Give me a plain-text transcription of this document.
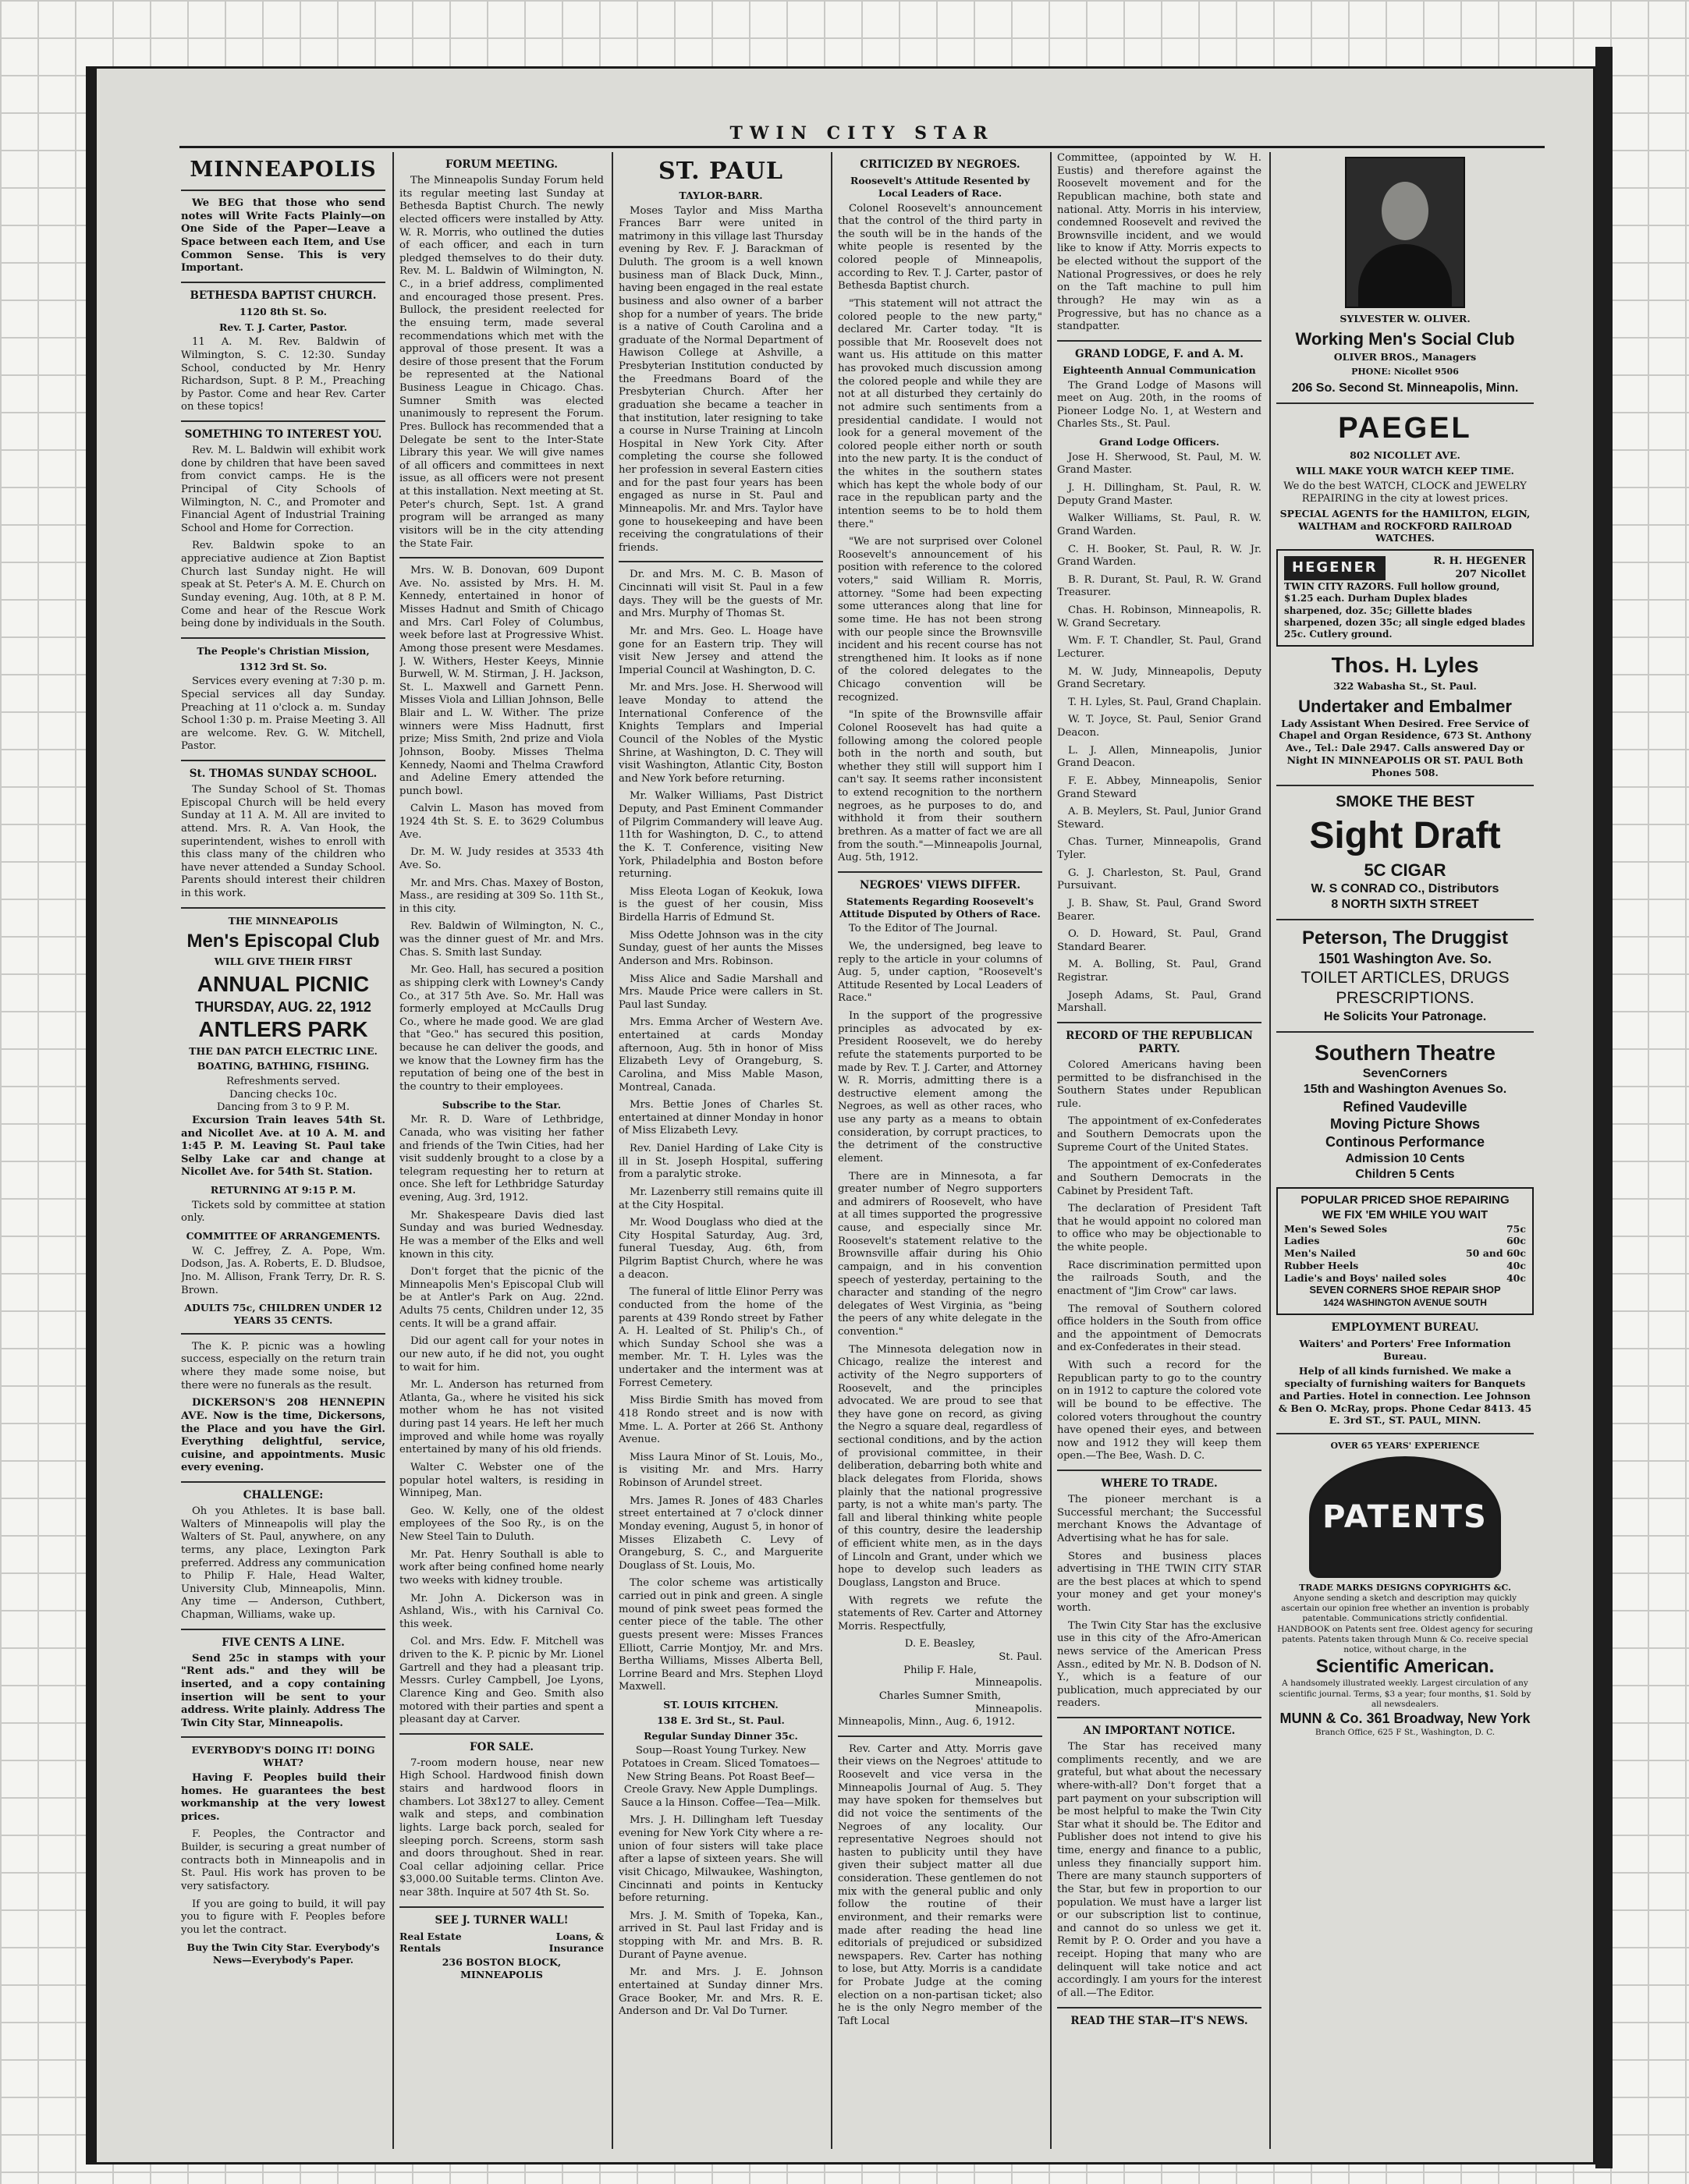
TWIN CITY STAR
MINNEAPOLIS

We BEG that those who send notes will Write Facts Plainly—on One Side of the Paper—Leave a Space between each Item, and Use Common Sense. This is very Important.

BETHESDA BAPTIST CHURCH.
1120 8th St. So.
Rev. T. J. Carter, Pastor.

11 A. M. Rev. Baldwin of Wilmington, S. C. 12:30. Sunday School, conducted by Mr. Henry Richardson, Supt. 8 P. M., Preaching by Pastor. Come and hear Rev. Carter on these topics!

SOMETHING TO INTEREST YOU.

Rev. M. L. Baldwin will exhibit work done by children that have been saved from convict camps. He is the Principal of City Schools of Wilmington, N. C., and Promoter and Financial Agent of Industrial Training School and Home for Correction.

Rev. Baldwin spoke to an appreciative audience at Zion Baptist Church last Sunday night. He will speak at St. Peter's A. M. E. Church on Sunday evening, Aug. 10th, at 8 P. M. Come and hear of the Rescue Work being done by individuals in the South.

The People's Christian Mission,
1312 3rd St. So.

Services every evening at 7:30 p. m. Special services all day Sunday. Preaching at 11 o'clock a. m. Sunday School 1:30 p. m. Praise Meeting 3. All are welcome. Rev. G. W. Mitchell, Pastor.

St. THOMAS SUNDAY SCHOOL.

The Sunday School of St. Thomas Episcopal Church will be held every Sunday at 11 A. M. All are invited to attend. Mrs. R. A. Van Hook, the superintendent, wishes to enroll with this class many of the children who have never attended a Sunday School. Parents should interest their children in this work.

THE MINNEAPOLIS
Men's Episcopal Club
WILL GIVE THEIR FIRST
ANNUAL PICNIC
THURSDAY, AUG. 22, 1912
ANTLERS PARK
THE DAN PATCH ELECTRIC LINE.
BOATING, BATHING, FISHING.
Refreshments served.
Dancing checks 10c.
Dancing from 3 to 9 P. M.

Excursion Train leaves 54th St. and Nicollet Ave. at 10 A. M. and 1:45 P. M. Leaving St. Paul take Selby Lake car and change at Nicollet Ave. for 54th St. Station.

RETURNING AT 9:15 P. M.

Tickets sold by committee at station only.

COMMITTEE OF ARRANGEMENTS.

W. C. Jeffrey, Z. A. Pope, Wm. Dodson, Jas. A. Roberts, E. D. Bludsoe, Jno. M. Allison, Frank Terry, Dr. R. S. Brown.

ADULTS 75c, CHILDREN UNDER 12 YEARS 35 CENTS.

The K. P. picnic was a howling success, especially on the return train where they made some noise, but there were no funerals as the result.

DICKERSON'S 208 HENNEPIN AVE. Now is the time, Dickersons, the Place and you have the Girl. Everything delightful, service, cuisine, and appointments. Music every evening.

CHALLENGE:

Oh you Athletes. It is base ball. Walters of Minneapolis will play the Walters of St. Paul, anywhere, on any terms, any place, Lexington Park preferred. Address any communication to Philip F. Hale, Head Walter, University Club, Minneapolis, Minn. Any time — Anderson, Cuthbert, Chapman, Williams, wake up.

FIVE CENTS A LINE.

Send 25c in stamps with your "Rent ads." and they will be inserted, and a copy containing insertion will be sent to your address. Write plainly. Address The Twin City Star, Minneapolis.

EVERYBODY'S DOING IT! DOING WHAT?

Having F. Peoples build their homes. He guarantees the best workmanship at the very lowest prices.

F. Peoples, the Contractor and Builder, is securing a great number of contracts both in Minneapolis and in St. Paul. His work has proven to be very satisfactory.

If you are going to build, it will pay you to figure with F. Peoples before you let the contract.

Buy the Twin City Star. Everybody's News—Everybody's Paper.
FORUM MEETING.

The Minneapolis Sunday Forum held its regular meeting last Sunday at Bethesda Baptist Church. The newly elected officers were installed by Atty. W. R. Morris, who outlined the duties of each officer, and each in turn pledged themselves to do their duty. Rev. M. L. Baldwin of Wilmington, N. C., in a brief address, complimented and encouraged those present. Pres. Bullock, the president reelected for the ensuing term, made several recommendations which met with the approval of those present. It was a desire of those present that the Forum be represented at the National Business League in Chicago. Chas. Sumner Smith was elected unanimously to represent the Forum. Pres. Bullock has recommended that a Delegate be sent to the Inter-State Library this year. We will give names of all officers and committees in next issue, as all officers were not present at this installation. Next meeting at St. Peter's church, Sept. 1st. A grand program will be arranged as many visitors will be in the city attending the State Fair.

Mrs. W. B. Donovan, 609 Dupont Ave. No. assisted by Mrs. H. M. Kennedy, entertained in honor of Misses Hadnut and Smith of Chicago and Mrs. Carl Foley of Columbus, week before last at Progressive Whist. Among those present were Mesdames. J. W. Withers, Hester Keeys, Minnie Burwell, W. M. Stirman, J. H. Jackson, St. L. Maxwell and Garnett Penn. Misses Viola and Lillian Johnson, Belle Blair and L. W. Wither. The prize winners were Miss Hadnutt, first prize; Miss Smith, 2nd prize and Viola Johnson, Booby. Misses Thelma Kennedy, Naomi and Thelma Crawford and Adeline Emery attended the punch bowl.

Calvin L. Mason has moved from 1924 4th St. S. E. to 3629 Columbus Ave.

Dr. M. W. Judy resides at 3533 4th Ave. So.

Mr. and Mrs. Chas. Maxey of Boston, Mass., are residing at 309 So. 11th St., in this city.

Rev. Baldwin of Wilmington, N. C., was the dinner guest of Mr. and Mrs. Chas. S. Smith last Sunday.

Mr. Geo. Hall, has secured a position as shipping clerk with Lowney's Candy Co., at 317 5th Ave. So. Mr. Hall was formerly employed at McCaulls Drug Co., where he made good. We are glad that "Geo." has secured this position, because he can deliver the goods, and we know that the Lowney firm has the reputation of being one of the best in the country to their employees.

Subscribe to the Star.

Mr. R. D. Ware of Lethbridge, Canada, who was visiting her father and friends of the Twin Cities, had her visit suddenly brought to a close by a telegram requesting her to return at once. She left for Lethbridge Saturday evening, Aug. 3rd, 1912.

Mr. Shakespeare Davis died last Sunday and was buried Wednesday. He was a member of the Elks and well known in this city.

Don't forget that the picnic of the Minneapolis Men's Episcopal Club will be at Antler's Park on Aug. 22nd. Adults 75 cents, Children under 12, 35 cents. It will be a grand affair.

Did our agent call for your notes in our new auto, if he did not, you ought to wait for him.

Mr. L. Anderson has returned from Atlanta, Ga., where he visited his sick mother whom he has not visited during past 14 years. He left her much improved and while home was royally entertained by many of his old friends.

Walter C. Webster one of the popular hotel walters, is residing in Winnipeg, Man.

Geo. W. Kelly, one of the oldest employees of the Soo Ry., is on the New Steel Tain to Duluth.

Mr. Pat. Henry Southall is able to work after being confined home nearly two weeks with kidney trouble.

Mr. John A. Dickerson was in Ashland, Wis., with his Carnival Co. this week.

Col. and Mrs. Edw. F. Mitchell was driven to the K. P. picnic by Mr. Lionel Gartrell and they had a pleasant trip. Messrs. Curley Campbell, Joe Lyons, Clarence King and Geo. Smith also motored with their parties and spent a pleasant day at Carver.

FOR SALE.

7-room modern house, near new High School. Hardwood finish down stairs and hardwood floors in chambers. Lot 38x127 to alley. Cement walk and steps, and combination lights. Large back porch, sealed for sleeping porch. Screens, storm sash and doors throughout. Shed in rear. Coal cellar adjoining cellar. Price $3,000.00 Suitable terms. Clinton Ave. near 38th. Inquire at 507 4th St. So.

SEE J. TURNER WALL!
Real Estate	Loans, &
Rentals	Insurance
236 BOSTON BLOCK, MINNEAPOLIS
ST. PAUL
TAYLOR-BARR.

Moses Taylor and Miss Martha Frances Barr were united in matrimony in this village last Thursday evening by Rev. F. J. Barackman of Duluth. The groom is a well known business man of Black Duck, Minn., having been engaged in the real estate business and also owner of a barber shop for a number of years. The bride is a native of Couth Carolina and a graduate of the Normal Department of Hawison College at Ashville, a Presbyterian Institution conducted by the Freedmans Board of the Presbyterian Church. After her graduation she became a teacher in that institution, later resigning to take a course in Nurse Training at Lincoln Hospital in New York City. After completing the course she followed her profession in several Eastern cities and for the past four years has been engaged as nurse in St. Paul and Minneapolis. Mr. and Mrs. Taylor have gone to housekeeping and have been receiving the congratulations of their friends.

Dr. and Mrs. M. C. B. Mason of Cincinnati will visit St. Paul in a few days. They will be the guests of Mr. and Mrs. Murphy of Thomas St.

Mr. and Mrs. Geo. L. Hoage have gone for an Eastern trip. They will visit New Jersey and attend the Imperial Council at Washington, D. C.

Mr. and Mrs. Jose. H. Sherwood will leave Monday to attend the International Conference of the Knights Templars and Imperial Council of the Nobles of the Mystic Shrine, at Washington, D. C. They will visit Washington, Atlantic City, Boston and New York before returning.

Mr. Walker Williams, Past District Deputy, and Past Eminent Commander of Pilgrim Commandery will leave Aug. 11th for Washington, D. C., to attend the K. T. Conference, visiting New York, Philadelphia and Boston before returning.

Miss Eleota Logan of Keokuk, Iowa is the guest of her cousin, Miss Birdella Harris of Edmund St.

Miss Odette Johnson was in the city Sunday, guest of her aunts the Misses Anderson and Mrs. Robinson.

Miss Alice and Sadie Marshall and Mrs. Maude Price were callers in St. Paul last Sunday.

Mrs. Emma Archer of Western Ave. entertained at cards Monday afternoon, Aug. 5th in honor of Miss Elizabeth Levy of Orangeburg, S. Carolina, and Miss Mable Mason, Montreal, Canada.

Mrs. Bettie Jones of Charles St. entertained at dinner Monday in honor of Miss Elizabeth Levy.

Rev. Daniel Harding of Lake City is ill in St. Joseph Hospital, suffering from a paralytic stroke.

Mr. Lazenberry still remains quite ill at the City Hospital.

Mr. Wood Douglass who died at the City Hospital Saturday, Aug. 3rd, funeral Tuesday, Aug. 6th, from Pilgrim Baptist Church, where he was a deacon.

The funeral of little Elinor Perry was conducted from the home of the parents at 439 Rondo street by Father A. H. Lealted of St. Philip's Ch., of which Sunday School she was a member. Mr. T. H. Lyles was the undertaker and the interment was at Forrest Cemetery.

Miss Birdie Smith has moved from 418 Rondo street and is now with Mme. L. A. Porter at 266 St. Anthony Avenue.

Miss Laura Minor of St. Louis, Mo., is visiting Mr. and Mrs. Harry Robinson of Arundel street.

Mrs. James R. Jones of 483 Charles street entertained at 7 o'clock dinner Monday evening, August 5, in honor of Misses Elizabeth C. Levy of Orangeburg, S. C., and Marguerite Douglass of St. Louis, Mo.

The color scheme was artistically carried out in pink and green. A single mound of pink sweet peas formed the center piece of the table. The other guests present were: Misses Frances Elliott, Carrie Montjoy, Mr. and Mrs. Bertha Williams, Misses Alberta Bell, Lorrine Beard and Mrs. Stephen Lloyd Maxwell.

ST. LOUIS KITCHEN.
138 E. 3rd St., St. Paul.
Regular Sunday Dinner 35c.

Soup—Roast Young Turkey. New Potatoes in Cream. Sliced Tomatoes—New String Beans. Pot Roast Beef—Creole Gravy. New Apple Dumplings. Sauce a la Hinson. Coffee—Tea—Milk.

Mrs. J. H. Dillingham left Tuesday evening for New York City where a re-union of four sisters will take place after a lapse of sixteen years. She will visit Chicago, Milwaukee, Washington, Cincinnati and points in Kentucky before returning.

Mrs. J. M. Smith of Topeka, Kan., arrived in St. Paul last Friday and is stopping with Mr. and Mrs. B. R. Durant of Payne avenue.

Mr. and Mrs. J. E. Johnson entertained at Sunday dinner Mrs. Grace Booker, Mr. and Mrs. R. E. Anderson and Dr. Val Do Turner.

CRITICIZED BY NEGROES.
Roosevelt's Attitude Resented by Local Leaders of Race.

Colonel Roosevelt's announcement that the control of the third party in the south will be in the hands of the white people is resented by the colored people of Minneapolis, according to Rev. T. J. Carter, pastor of Bethesda Baptist church.

"This statement will not attract the colored people to the new party," declared Mr. Carter today. "It is possible that Mr. Roosevelt does not want us. His attitude on this matter has provoked much discussion among the colored people and while they are not at all disturbed they certainly do not admire such sentiments from a presidential candidate. I would not look for a general movement of the colored people either north or south into the new party. It is the conduct of the whites in the southern states which has kept the whole body of our race in the republican party and the intention seems to be to hold them there."

"We are not surprised over Colonel Roosevelt's announcement of his position with reference to the colored voters," said William R. Morris, attorney. "Some had been expecting some utterances along that line for some time. He has not been strong with our people since the Brownsville incident and his recent course has not strengthened him. It looks as if none of the colored delegates to the Chicago convention will be recognized.

"In spite of the Brownsville affair Colonel Roosevelt has had quite a following among the colored people both in the north and south, but whether they still will support him I can't say. It seems rather inconsistent to extend recognition to the northern negroes, as he purposes to do, and withhold it from their southern brethren. As a matter of fact we are all from the south."—Minneapolis Journal, Aug. 5th, 1912.

NEGROES' VIEWS DIFFER.
Statements Regarding Roosevelt's Attitude Disputed by Others of Race.

To the Editor of The Journal.

We, the undersigned, beg leave to reply to the article in your columns of Aug. 5, under caption, "Roosevelt's Attitude Resented by Local Leaders of Race."

In the support of the progressive principles as advocated by ex-President Roosevelt, we do hereby refute the statements purported to be made by Rev. T. J. Carter, and Attorney W. R. Morris, admitting there is a destructive element among the Negroes, as well as other races, who use any party as a means to obtain consideration, by corrupt practices, to the detriment of the constructive element.

There are in Minnesota, a far greater number of Negro supporters and admirers of Roosevelt, who have at all times supported the progressive cause, and especially since Mr. Roosevelt's statement relative to the Brownsville affair during his Ohio campaign, and in his convention speech of yesterday, pertaining to the character and standing of the negro delegates of West Virginia, as "being the peers of any white delegate in the convention."

The Minnesota delegation now in Chicago, realize the interest and activity of the Negro supporters of Roosevelt, and the principles advocated. We are proud to see that they have gone on record, as giving the Negro a square deal, regardless of sectional conditions, and by the action of provisional committee, in their deliberation, debarring both white and black delegates from Florida, shows plainly that the national progressive party, is not a white man's party. The fall and liberal thinking white people of this country, desire the leadership of efficient white men, as in the days of Lincoln and Grant, under which we hope to develop such leaders as Douglass, Langston and Bruce.

With regrets we refute the statements of Rev. Carter and Attorney Morris. Respectfully,

D. E. Beasley,
St. Paul.
Philip F. Hale,
Minneapolis.
Charles Sumner Smith,
Minneapolis.

Minneapolis, Minn., Aug. 6, 1912.

Rev. Carter and Atty. Morris gave their views on the Negroes' attitude to Roosevelt and vice versa in the Minneapolis Journal of Aug. 5. They may have spoken for themselves but did not voice the sentiments of the Negroes of any locality. Our representative Negroes should not hasten to publicity until they have given their subject matter all due consideration. These gentlemen do not mix with the general public and only follow the routine of their environment, and their remarks were made after reading the head line editorials of prejudiced or subsidized newspapers. Rev. Carter has nothing to lose, but Atty. Morris is a candidate for Probate Judge at the coming election on a non-partisan ticket; also he is the only Negro member of the Taft Local

Committee, (appointed by W. H. Eustis) and therefore against the Roosevelt movement and for the Republican machine, both state and national. Atty. Morris in his interview, condemned Roosevelt and revived the Brownsville incident, and we would like to know if Atty. Morris expects to be elected without the support of the National Progressives, or does he rely on the Taft machine to pull him through? He may win as a Progressive, but has no chance as a standpatter.

GRAND LODGE, F. and A. M.
Eighteenth Annual Communication

The Grand Lodge of Masons will meet on Aug. 20th, in the rooms of Pioneer Lodge No. 1, at Western and Charles Sts., St. Paul.

Grand Lodge Officers.

Jose H. Sherwood, St. Paul, M. W. Grand Master.

J. H. Dillingham, St. Paul, R. W. Deputy Grand Master.

Walker Williams, St. Paul, R. W. Grand Warden.

C. H. Booker, St. Paul, R. W. Jr. Grand Warden.

B. R. Durant, St. Paul, R. W. Grand Treasurer.

Chas. H. Robinson, Minneapolis, R. W. Grand Secretary.

Wm. F. T. Chandler, St. Paul, Grand Lecturer.

M. W. Judy, Minneapolis, Deputy Grand Secretary.

T. H. Lyles, St. Paul, Grand Chaplain.

W. T. Joyce, St. Paul, Senior Grand Deacon.

L. J. Allen, Minneapolis, Junior Grand Deacon.

F. E. Abbey, Minneapolis, Senior Grand Steward

A. B. Meylers, St. Paul, Junior Grand Steward.

Chas. Turner, Minneapolis, Grand Tyler.

G. J. Charleston, St. Paul, Grand Pursuivant.

J. B. Shaw, St. Paul, Grand Sword Bearer.

O. D. Howard, St. Paul, Grand Standard Bearer.

M. A. Bolling, St. Paul, Grand Registrar.

Joseph Adams, St. Paul, Grand Marshall.

RECORD OF THE REPUBLICAN PARTY.

Colored Americans having been permitted to be disfranchised in the Southern States under Republican rule.

The appointment of ex-Confederates and Southern Democrats upon the Supreme Court of the United States.

The appointment of ex-Confederates and Southern Democrats in the Cabinet by President Taft.

The declaration of President Taft that he would appoint no colored man to office who may be objectionable to the white people.

Race discrimination permitted upon the railroads South, and the enactment of "Jim Crow" car laws.

The removal of Southern colored office holders in the South from office and the appointment of Democrats and ex-Confederates in their stead.

With such a record for the Republican party to go to the country on in 1912 to capture the colored vote will be bound to be effective. The colored voters throughout the country have opened their eyes, and between now and 1912 they will keep them open.—The Bee, Wash. D. C.

WHERE TO TRADE.

The pioneer merchant is a Successful merchant; the Successful merchant Knows the Advantage of Advertising what he has for sale.

Stores and business places advertising in THE TWIN CITY STAR are the best places at which to spend your money and get your money's worth.

The Twin City Star has the exclusive use in this city of the Afro-American news service of the American Press Assn., edited by Mr. N. B. Dodson of N. Y., which is a feature of our publication, much appreciated by our readers.

AN IMPORTANT NOTICE.

The Star has received many compliments recently, and we are grateful, but what about the necessary where-with-all? Don't forget that a part payment on your subscription will be most helpful to make the Twin City Star what it should be. The Editor and Publisher does not intend to give his time, energy and finance to a public, unless they financially support him. There are many staunch supporters of the Star, but few in proportion to our population. We must have a larger list or our subscription list to continue, and cannot do so unless we get it. Remit by P. O. Order and you have a receipt. Hoping that many who are delinquent will take notice and act accordingly. I am yours for the interest of all.—The Editor.

READ THE STAR—IT'S NEWS.
SYLVESTER W. OLIVER.
Working Men's Social Club
OLIVER BROS., Managers
PHONE: Nicollet 9506
206 So. Second St. Minneapolis, Minn.
PAEGEL
802 NICOLLET AVE.
WILL MAKE YOUR WATCH KEEP TIME.
We do the best WATCH, CLOCK and JEWELRY REPAIRING in the city at lowest prices.
SPECIAL AGENTS for the HAMILTON, ELGIN, WALTHAM and ROCKFORD RAILROAD WATCHES.
HEGENER	R. H. HEGENER
207 Nicollet
TWIN CITY RAZORS. Full hollow ground, $1.25 each. Durham Duplex blades sharpened, doz. 35c; Gillette blades sharpened, dozen 35c; all single edged blades 25c. Cutlery ground.
Thos. H. Lyles
322 Wabasha St., St. Paul.
Undertaker and Embalmer
Lady Assistant When Desired. Free Service of Chapel and Organ Residence, 673 St. Anthony Ave., Tel.: Dale 2947. Calls answered Day or Night IN MINNEAPOLIS OR ST. PAUL Both Phones 508.
SMOKE THE BEST
Sight Draft
5C CIGAR
W. S CONRAD CO., Distributors
8 NORTH SIXTH STREET
Peterson, The Druggist
1501 Washington Ave. So.
TOILET ARTICLES, DRUGS PRESCRIPTIONS.
He Solicits Your Patronage.
Southern Theatre
SevenCorners
15th and Washington Avenues So.
Refined Vaudeville
Moving Picture Shows
Continous Performance
Admission 10 Cents
Children 5 Cents
POPULAR PRICED SHOE REPAIRING
WE FIX 'EM WHILE YOU WAIT
Men's Sewed Soles	75c
Ladies	60c
Men's Nailed	50 and 60c
Rubber Heels	40c
Ladie's and Boys' nailed soles	40c
SEVEN CORNERS SHOE REPAIR SHOP
1424 WASHINGTON AVENUE SOUTH
EMPLOYMENT BUREAU.
Waiters' and Porters' Free Information Bureau.
Help of all kinds furnished. We make a specialty of furnishing waiters for Banquets and Parties. Hotel in connection. Lee Johnson & Ben O. McRay, props. Phone Cedar 8413. 45 E. 3rd ST., ST. PAUL, MINN.
OVER 65 YEARS' EXPERIENCE
PATENTS
TRADE MARKS DESIGNS COPYRIGHTS &C.
Anyone sending a sketch and description may quickly ascertain our opinion free whether an invention is probably patentable. Communications strictly confidential. HANDBOOK on Patents sent free. Oldest agency for securing patents. Patents taken through Munn & Co. receive special notice, without charge, in the
Scientific American.
A handsomely illustrated weekly. Largest circulation of any scientific journal. Terms, $3 a year; four months, $1. Sold by all newsdealers.
MUNN & Co. 361 Broadway, New York
Branch Office, 625 F St., Washington, D. C.
